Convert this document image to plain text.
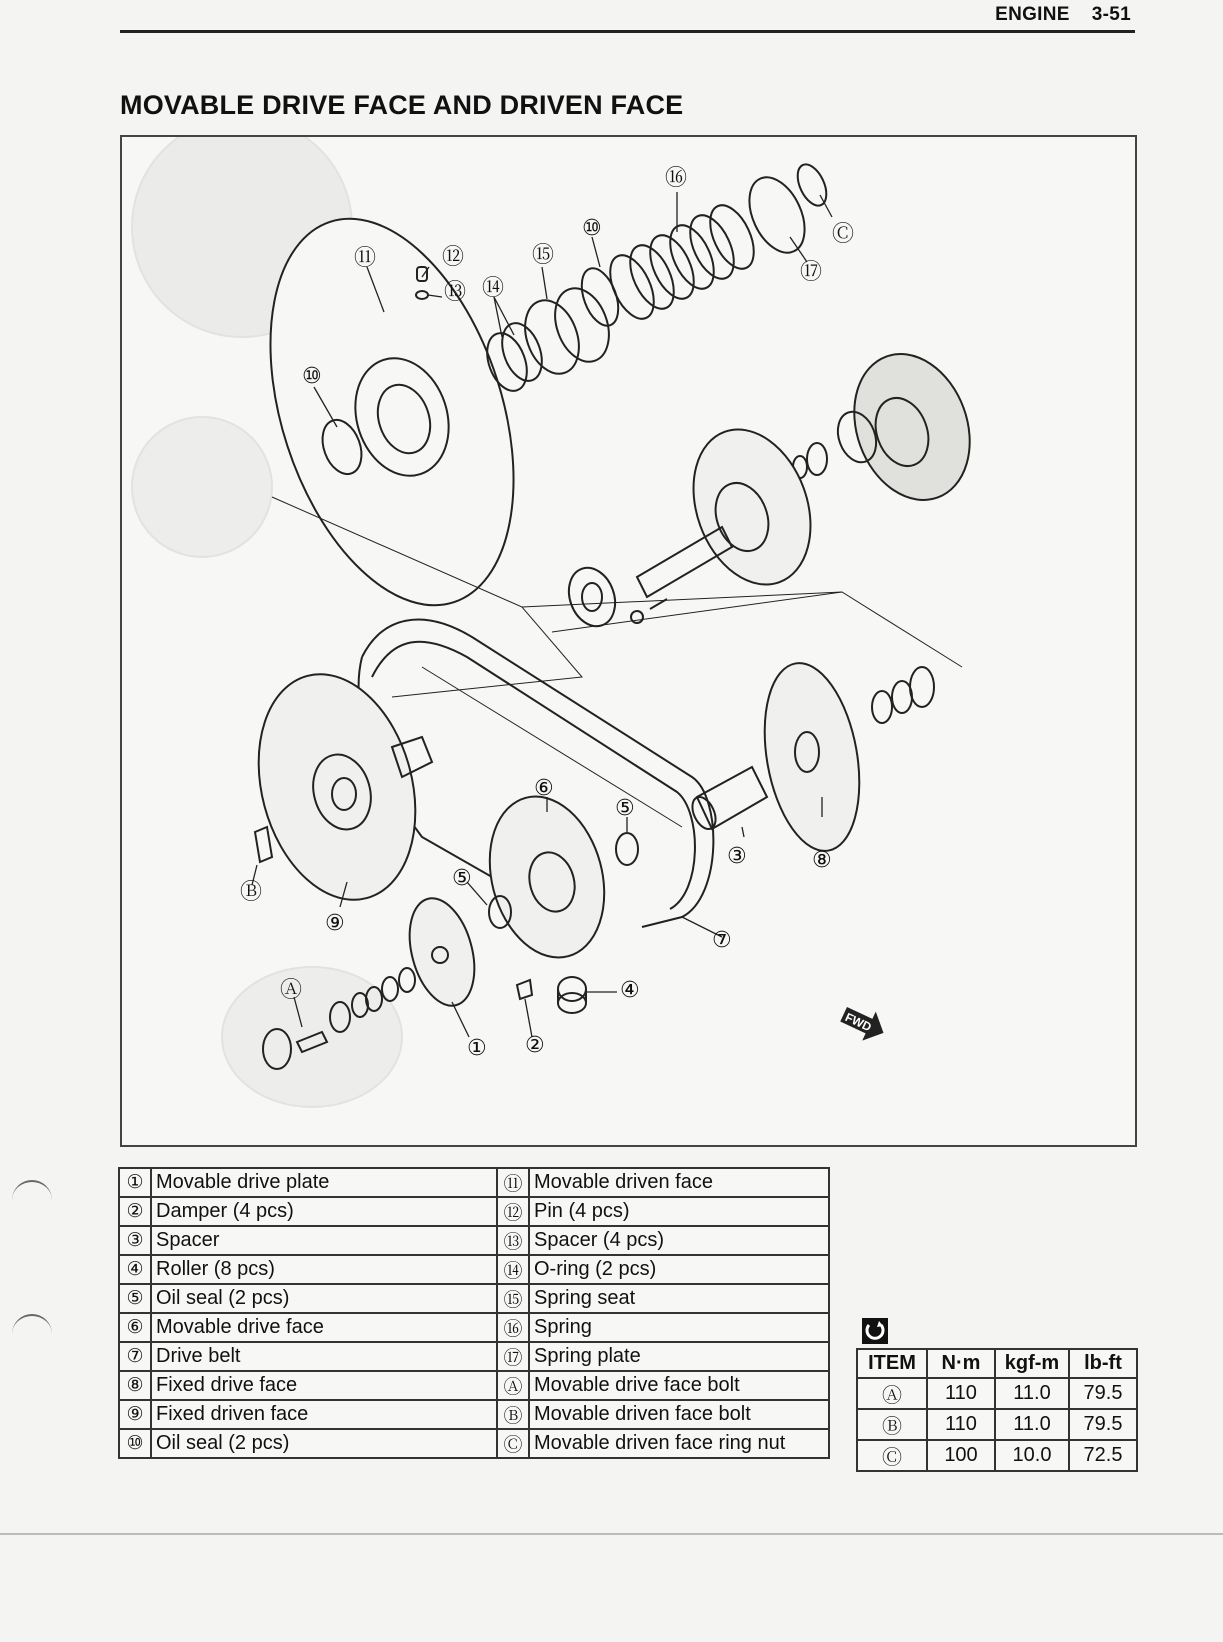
ENGINE 3-51
MOVABLE DRIVE FACE AND DRIVEN FACE
FWD
① ②
③
④
⑤
⑤
⑥
⑦
⑧
⑨
⑩
⑩
⑪	⑫
⑬ ⑭
⑮
⑯
⑰
Ⓐ
Ⓑ
Ⓒ
①	Movable drive plate	⑪	Movable driven face
②	Damper (4 pcs)	⑫	Pin (4 pcs)
③	Spacer	⑬	Spacer (4 pcs)
④	Roller (8 pcs)	⑭	O-ring (2 pcs)
⑤	Oil seal (2 pcs)	⑮	Spring seat
⑥	Movable drive face	⑯	Spring
⑦	Drive belt	⑰	Spring plate
⑧	Fixed drive face	Ⓐ	Movable drive face bolt
⑨	Fixed driven face	Ⓑ	Movable driven face bolt
⑩	Oil seal (2 pcs)	Ⓒ	Movable driven face ring nut
ITEM	N·m	kgf-m	lb-ft
Ⓐ	110	11.0	79.5
Ⓑ	110	11.0	79.5
Ⓒ	100	10.0	72.5
